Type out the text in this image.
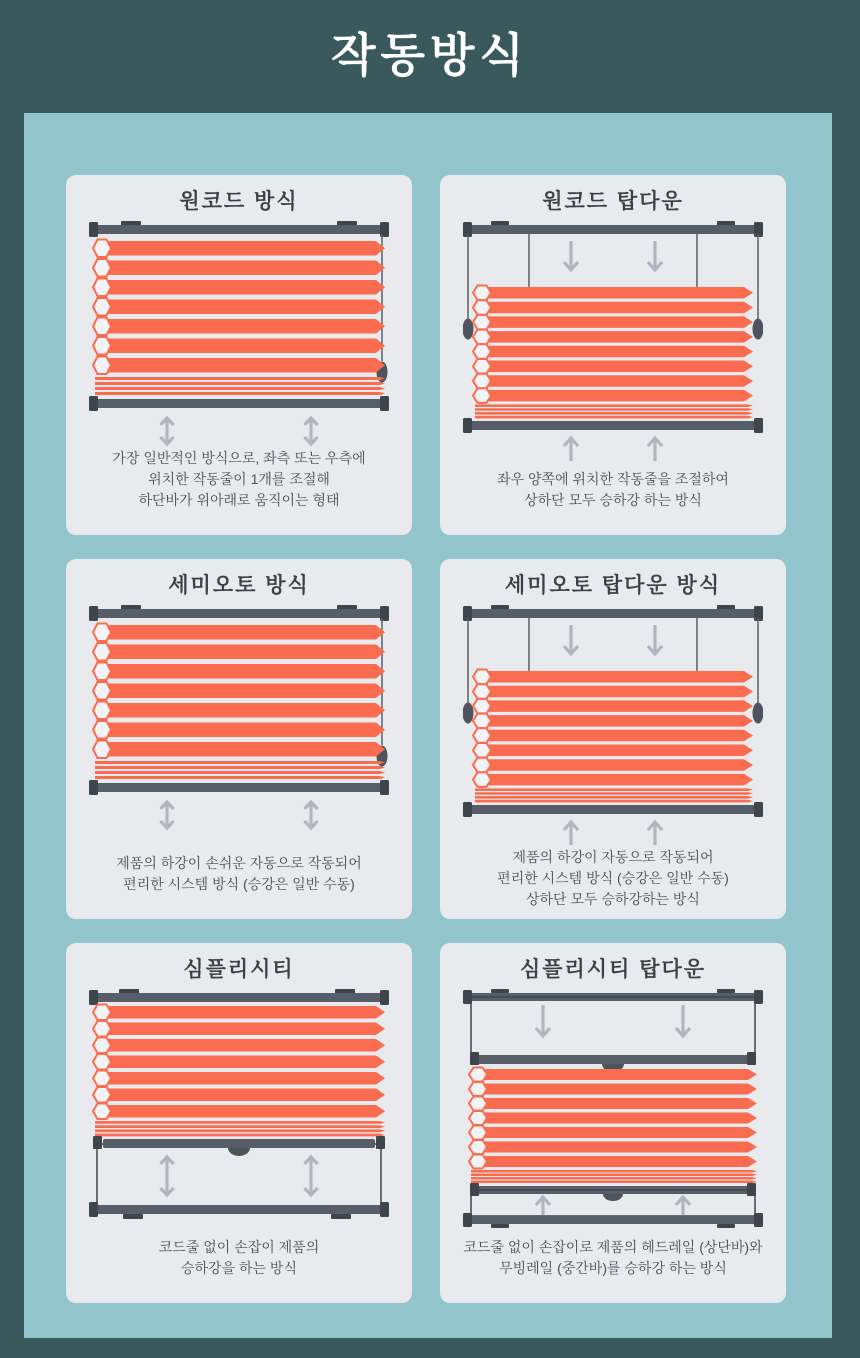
작동방식
원코드 방식
가장 일반적인 방식으로, 좌측 또는 우측에
위치한 작동줄이 1개를 조절해
하단바가 위아래로 움직이는 형태
원코드 탑다운
좌우 양쪽에 위치한 작동줄을 조절하여
상하단 모두 승하강 하는 방식
세미오토 방식
제품의 하강이 손쉬운 자동으로 작동되어
편리한 시스템 방식 (승강은 일반 수동)
세미오토 탑다운 방식
제품의 하강이 자동으로 작동되어
편리한 시스템 방식 (승강은 일반 수동)
상하단 모두 승하강하는 방식
심플리시티
코드줄 없이 손잡이 제품의
승하강을 하는 방식
심플리시티 탑다운
코드줄 없이 손잡이로 제품의 헤드레일 (상단바)와
무빙레일 (중간바)를 승하강 하는 방식
